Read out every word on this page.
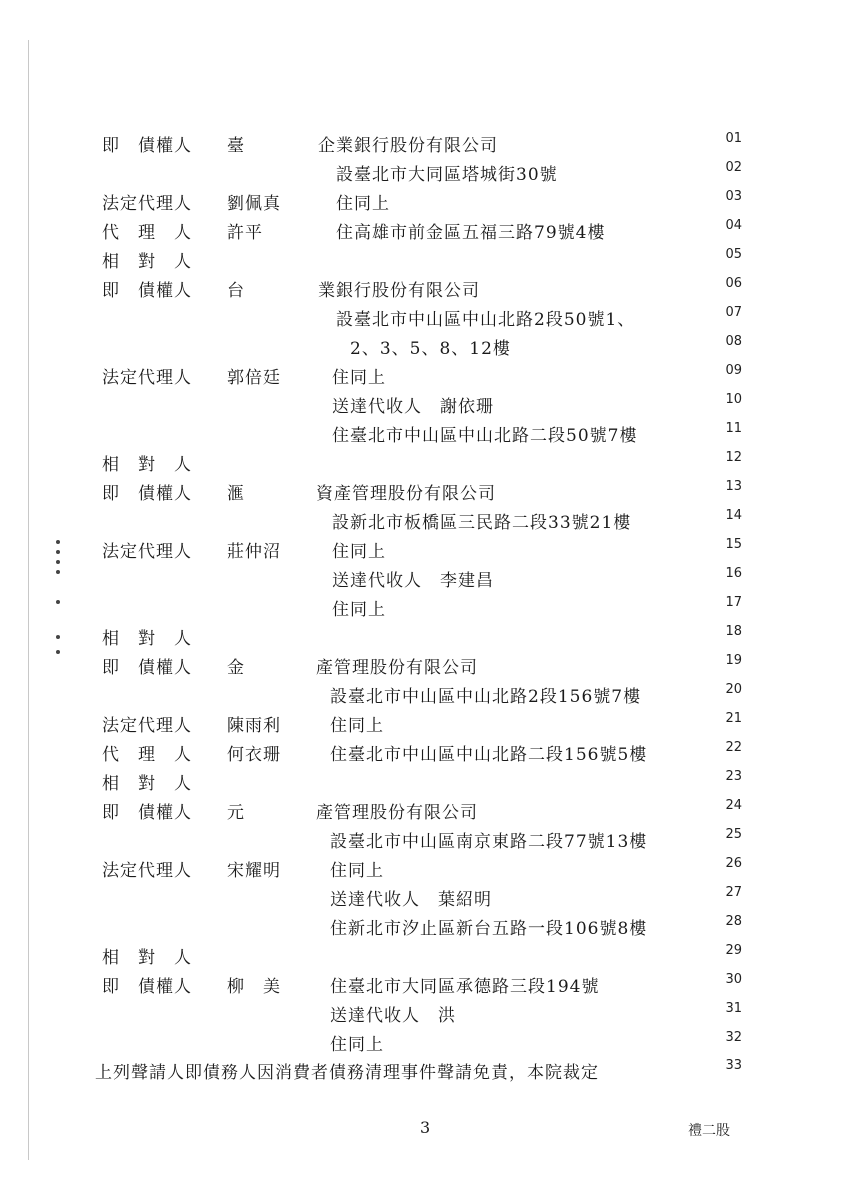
即　債權人 臺	企業銀行股份有限公司	01
設臺北市大同區塔城街30號	02
法定代理人 劉佩真	住同上	03
代　理　人 許平	住高雄市前金區五福三路79號4樓	04
相　對　人	05
即　債權人 台	業銀行股份有限公司	06
設臺北市中山區中山北路2段50號1、	07
2、3、5、8、12樓	08
法定代理人 郭倍廷	住同上	09
送達代收人　謝依珊	10
住臺北市中山區中山北路二段50號7樓	11
相　對　人	12
即　債權人 滙	資產管理股份有限公司	13
設新北市板橋區三民路二段33號21樓	14
法定代理人 莊仲沼	住同上	15
送達代收人　李建昌	16
住同上	17
相　對　人	18
即　債權人 金	產管理股份有限公司	19
設臺北市中山區中山北路2段156號7樓	20
法定代理人 陳雨利	住同上	21
代　理　人 何衣珊	住臺北市中山區中山北路二段156號5樓	22
相　對　人	23
即　債權人 元	產管理股份有限公司	24
設臺北市中山區南京東路二段77號13樓	25
法定代理人 宋耀明	住同上	26
送達代收人　葉紹明	27
住新北市汐止區新台五路一段106號8樓	28
相　對　人	29
即　債權人 柳　美	住臺北市大同區承德路三段194號	30
送達代收人　洪	31
住同上	32
上列聲請人即債務人因消費者債務清理事件聲請免責，本院裁定	33
3	禮二股
